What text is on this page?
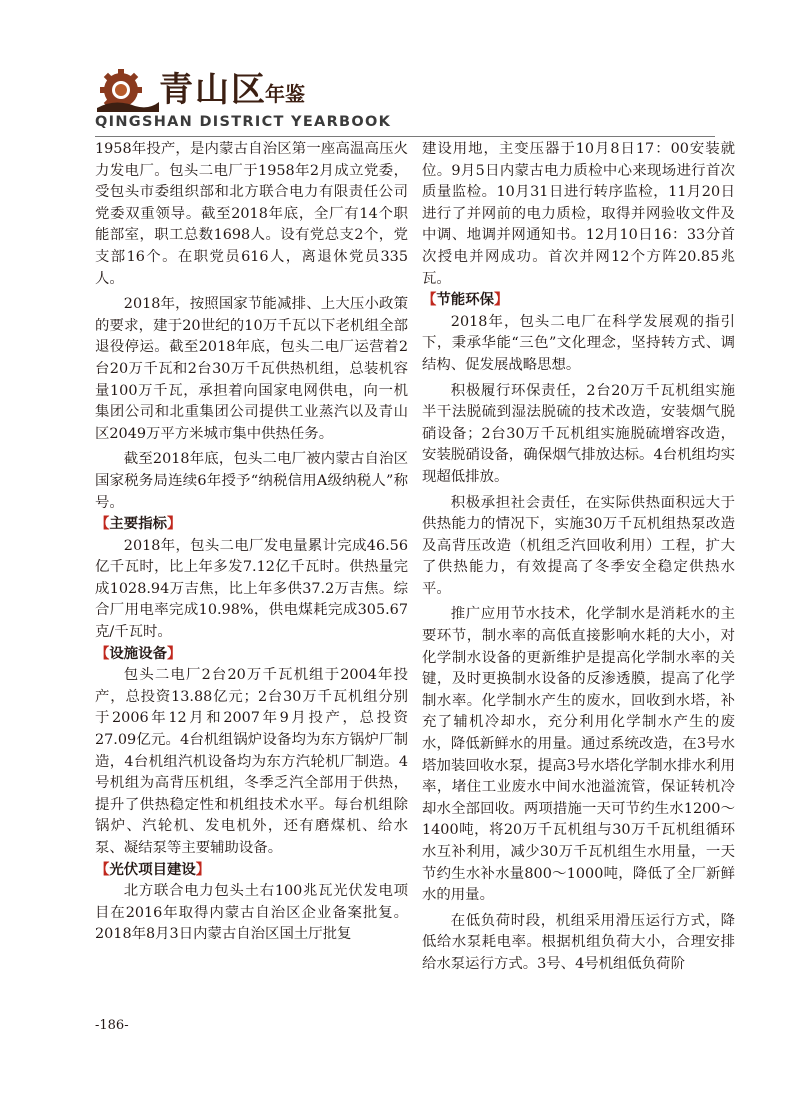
青山区
年鉴
QINGSHAN DISTRICT YEARBOOK

1958年投产，是内蒙古自治区第一座高温高压火力发电厂。包头二电厂于1958年2月成立党委，受包头市委组织部和北方联合电力有限责任公司党委双重领导。截至2018年底，全厂有14个职能部室，职工总数1698人。设有党总支2个，党支部16个。在职党员616人，离退休党员335人。

2018年，按照国家节能减排、上大压小政策的要求，建于20世纪的10万千瓦以下老机组全部退役停运。截至2018年底，包头二电厂运营着2台20万千瓦和2台30万千瓦供热机组，总装机容量100万千瓦，承担着向国家电网供电，向一机集团公司和北重集团公司提供工业蒸汽以及青山区2049万平方米城市集中供热任务。

截至2018年底，包头二电厂被内蒙古自治区国家税务局连续6年授予“纳税信用A级纳税人”称号。

【主要指标】

2018年，包头二电厂发电量累计完成46.56亿千瓦时，比上年多发7.12亿千瓦时。供热量完成1028.94万吉焦，比上年多供37.2万吉焦。综合厂用电率完成10.98%，供电煤耗完成305.67克/千瓦时。

【设施设备】

包头二电厂2台20万千瓦机组于2004年投产，总投资13.88亿元；2台30万千瓦机组分别于2006年12月和2007年9月投产，总投资27.09亿元。4台机组锅炉设备均为东方锅炉厂制造，4台机组汽机设备均为东方汽轮机厂制造。4号机组为高背压机组，冬季乏汽全部用于供热，提升了供热稳定性和机组技术水平。每台机组除锅炉、汽轮机、发电机外，还有磨煤机、给水泵、凝结泵等主要辅助设备。

【光伏项目建设】

北方联合电力包头土右100兆瓦光伏发电项目在2016年取得内蒙古自治区企业备案批复。2018年8月3日内蒙古自治区国土厅批复

建设用地，主变压器于10月8日17：00安装就位。9月5日内蒙古电力质检中心来现场进行首次质量监检。10月31日进行转序监检，11月20日进行了并网前的电力质检，取得并网验收文件及中调、地调并网通知书。12月10日16：33分首次授电并网成功。首次并网12个方阵20.85兆瓦。

【节能环保】

2018年，包头二电厂在科学发展观的指引下，秉承华能“三色”文化理念，坚持转方式、调结构、促发展战略思想。

积极履行环保责任，2台20万千瓦机组实施半干法脱硫到湿法脱硫的技术改造，安装烟气脱硝设备；2台30万千瓦机组实施脱硫增容改造，安装脱硝设备，确保烟气排放达标。4台机组均实现超低排放。

积极承担社会责任，在实际供热面积远大于供热能力的情况下，实施30万千瓦机组热泵改造及高背压改造（机组乏汽回收利用）工程，扩大了供热能力，有效提高了冬季安全稳定供热水平。

推广应用节水技术，化学制水是消耗水的主要环节，制水率的高低直接影响水耗的大小，对化学制水设备的更新维护是提高化学制水率的关键，及时更换制水设备的反渗透膜，提高了化学制水率。化学制水产生的废水，回收到水塔，补充了辅机冷却水，充分利用化学制水产生的废水，降低新鲜水的用量。通过系统改造，在3号水塔加装回收水泵，提高3号水塔化学制水排水利用率，堵住工业废水中间水池溢流管，保证转机冷却水全部回收。两项措施一天可节约生水1200～1400吨，将20万千瓦机组与30万千瓦机组循环水互补利用，减少30万千瓦机组生水用量，一天节约生水补水量800～1000吨，降低了全厂新鲜水的用量。

在低负荷时段，机组采用滑压运行方式，降低给水泵耗电率。根据机组负荷大小，合理安排给水泵运行方式。3号、4号机组低负荷阶

-186-
